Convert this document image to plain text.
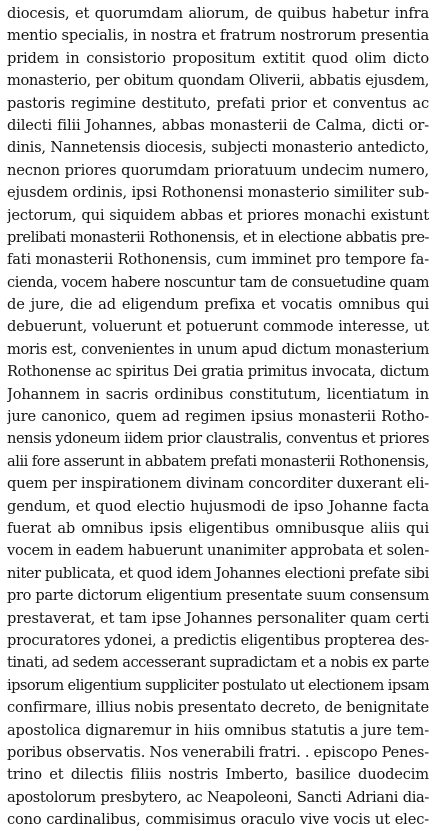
diocesis, et quorumdam aliorum, de quibus habetur infra
mentio specialis, in nostra et fratrum nostrorum presentia
pridem in consistorio propositum extitit quod olim dicto
monasterio, per obitum quondam Oliverii, abbatis ejusdem,
pastoris regimine destituto, prefati prior et conventus ac
dilecti filii Johannes, abbas monasterii de Calma, dicti or-
dinis, Nannetensis diocesis, subjecti monasterio antedicto,
necnon priores quorumdam prioratuum undecim numero,
ejusdem ordinis, ipsi Rothonensi monasterio similiter sub-
jectorum, qui siquidem abbas et priores monachi existunt
prelibati monasterii Rothonensis, et in electione abbatis pre-
fati monasterii Rothonensis, cum imminet pro tempore fa-
cienda, vocem habere noscuntur tam de consuetudine quam
de jure, die ad eligendum prefixa et vocatis omnibus qui
debuerunt, voluerunt et potuerunt commode interesse, ut
moris est, convenientes in unum apud dictum monasterium
Rothonense ac spiritus Dei gratia primitus invocata, dictum
Johannem in sacris ordinibus constitutum, licentiatum in
jure canonico, quem ad regimen ipsius monasterii Rotho-
nensis ydoneum iidem prior claustralis, conventus et priores
alii fore asserunt in abbatem prefati monasterii Rothonensis,
quem per inspirationem divinam concorditer duxerant eli-
gendum, et quod electio hujusmodi de ipso Johanne facta
fuerat ab omnibus ipsis eligentibus omnibusque aliis qui
vocem in eadem habuerunt unanimiter approbata et solen-
niter publicata, et quod idem Johannes electioni prefate sibi
pro parte dictorum eligentium presentate suum consensum
prestaverat, et tam ipse Johannes personaliter quam certi
procuratores ydonei, a predictis eligentibus propterea des-
tinati, ad sedem accesserant supradictam et a nobis ex parte
ipsorum eligentium suppliciter postulato ut electionem ipsam
confirmare, illius nobis presentato decreto, de benignitate
apostolica dignaremur in hiis omnibus statutis a jure tem-
poribus observatis. Nos venerabili fratri. . episcopo Penes-
trino et dilectis filiis nostris Imberto, basilice duodecim
apostolorum presbytero, ac Neapoleoni, Sancti Adriani dia-
cono cardinalibus, commisimus oraculo vive vocis ut elec-
